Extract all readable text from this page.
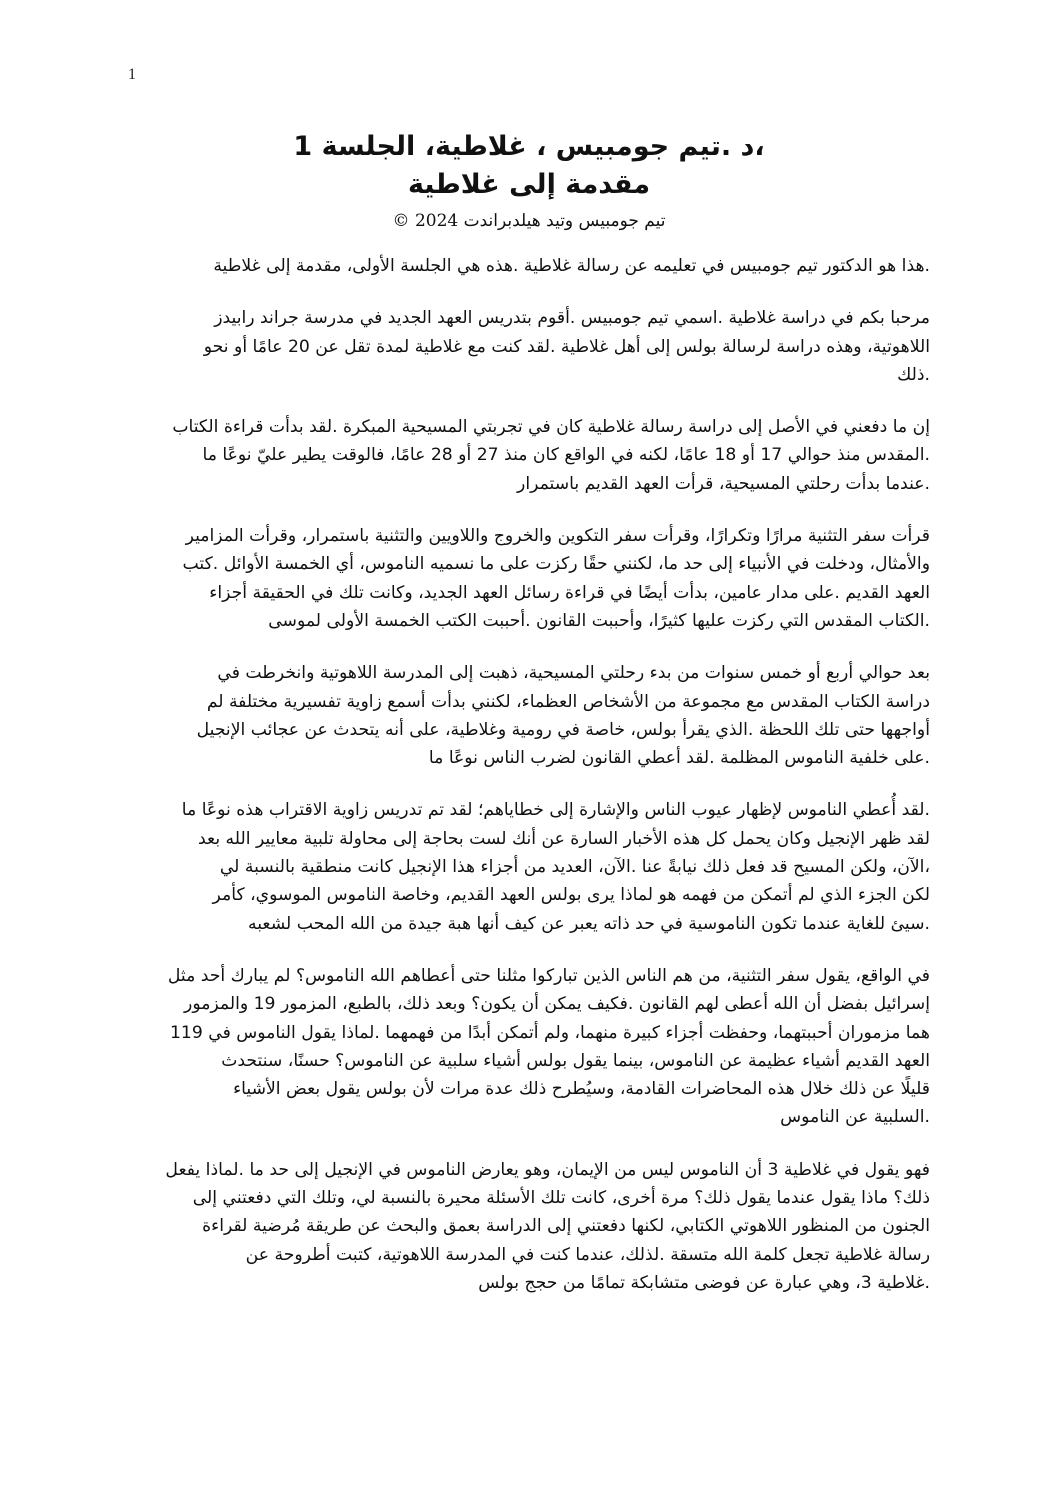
1
،د .تيم جومبيس ، غلاطية، الجلسة 1
مقدمة إلى غلاطية
تيم جومبيس وتيد هيلدبراندت 2024 ©

.هذا هو الدكتور تيم جومبيس في تعليمه عن رسالة غلاطية .هذه هي الجلسة الأولى، مقدمة إلى غلاطية

مرحبا بكم في دراسة غلاطية .اسمي تيم جومبيس .أقوم بتدريس العهد الجديد في مدرسة جراند رابيدز
اللاهوتية، وهذه دراسة لرسالة بولس إلى أهل غلاطية .لقد كنت مع غلاطية لمدة تقل عن 20 عامًا أو نحو
.ذلك

إن ما دفعني في الأصل إلى دراسة رسالة غلاطية كان في تجربتي المسيحية المبكرة .لقد بدأت قراءة الكتاب
.المقدس منذ حوالي 17 أو 18 عامًا، لكنه في الواقع كان منذ 27 أو 28 عامًا، فالوقت يطير عليّ نوعًا ما
.عندما بدأت رحلتي المسيحية، قرأت العهد القديم باستمرار

قرأت سفر التثنية مرارًا وتكرارًا، وقرأت سفر التكوين والخروج واللاويين والتثنية باستمرار، وقرأت المزامير
والأمثال، ودخلت في الأنبياء إلى حد ما، لكنني حقًا ركزت على ما نسميه الناموس، أي الخمسة الأوائل .كتب
العهد القديم .على مدار عامين، بدأت أيضًا في قراءة رسائل العهد الجديد، وكانت تلك في الحقيقة أجزاء
.الكتاب المقدس التي ركزت عليها كثيرًا، وأحببت القانون .أحببت الكتب الخمسة الأولى لموسى

بعد حوالي أربع أو خمس سنوات من بدء رحلتي المسيحية، ذهبت إلى المدرسة اللاهوتية وانخرطت في
دراسة الكتاب المقدس مع مجموعة من الأشخاص العظماء، لكنني بدأت أسمع زاوية تفسيرية مختلفة لم
أواجهها حتى تلك اللحظة .الذي يقرأ بولس، خاصة في رومية وغلاطية، على أنه يتحدث عن عجائب الإنجيل
.على خلفية الناموس المظلمة .لقد أعطي القانون لضرب الناس نوعًا ما

.لقد أُعطي الناموس لإظهار عيوب الناس والإشارة إلى خطاياهم؛ لقد تم تدريس زاوية الاقتراب هذه نوعًا ما
لقد ظهر الإنجيل وكان يحمل كل هذه الأخبار السارة عن أنك لست بحاجة إلى محاولة تلبية معايير الله بعد
،الآن، ولكن المسيح قد فعل ذلك نيابةً عنا .الآن، العديد من أجزاء هذا الإنجيل كانت منطقية بالنسبة لي
لكن الجزء الذي لم أتمكن من فهمه هو لماذا يرى بولس العهد القديم، وخاصة الناموس الموسوي، كأمر
.سيئ للغاية عندما تكون الناموسية في حد ذاته يعبر عن كيف أنها هبة جيدة من الله المحب لشعبه

في الواقع، يقول سفر التثنية، من هم الناس الذين تباركوا مثلنا حتى أعطاهم الله الناموس؟ لم يبارك أحد مثل
إسرائيل بفضل أن الله أعطى لهم القانون .فكيف يمكن أن يكون؟ وبعد ذلك، بالطبع، المزمور 19 والمزمور
هما مزموران أحببتهما، وحفظت أجزاء كبيرة منهما، ولم أتمكن أبدًا من فهمهما .لماذا يقول الناموس في 119
العهد القديم أشياء عظيمة عن الناموس، بينما يقول بولس أشياء سلبية عن الناموس؟ حسنًا، سنتحدث
قليلًا عن ذلك خلال هذه المحاضرات القادمة، وسيُطرح ذلك عدة مرات لأن بولس يقول بعض الأشياء
.السلبية عن الناموس

فهو يقول في غلاطية 3 أن الناموس ليس من الإيمان، وهو يعارض الناموس في الإنجيل إلى حد ما .لماذا يفعل
ذلك؟ ماذا يقول عندما يقول ذلك؟ مرة أخرى، كانت تلك الأسئلة محيرة بالنسبة لي، وتلك التي دفعتني إلى
الجنون من المنظور اللاهوتي الكتابي، لكنها دفعتني إلى الدراسة بعمق والبحث عن طريقة مُرضية لقراءة
رسالة غلاطية تجعل كلمة الله متسقة .لذلك، عندما كنت في المدرسة اللاهوتية، كتبت أطروحة عن
.غلاطية 3، وهي عبارة عن فوضى متشابكة تمامًا من حجج بولس
